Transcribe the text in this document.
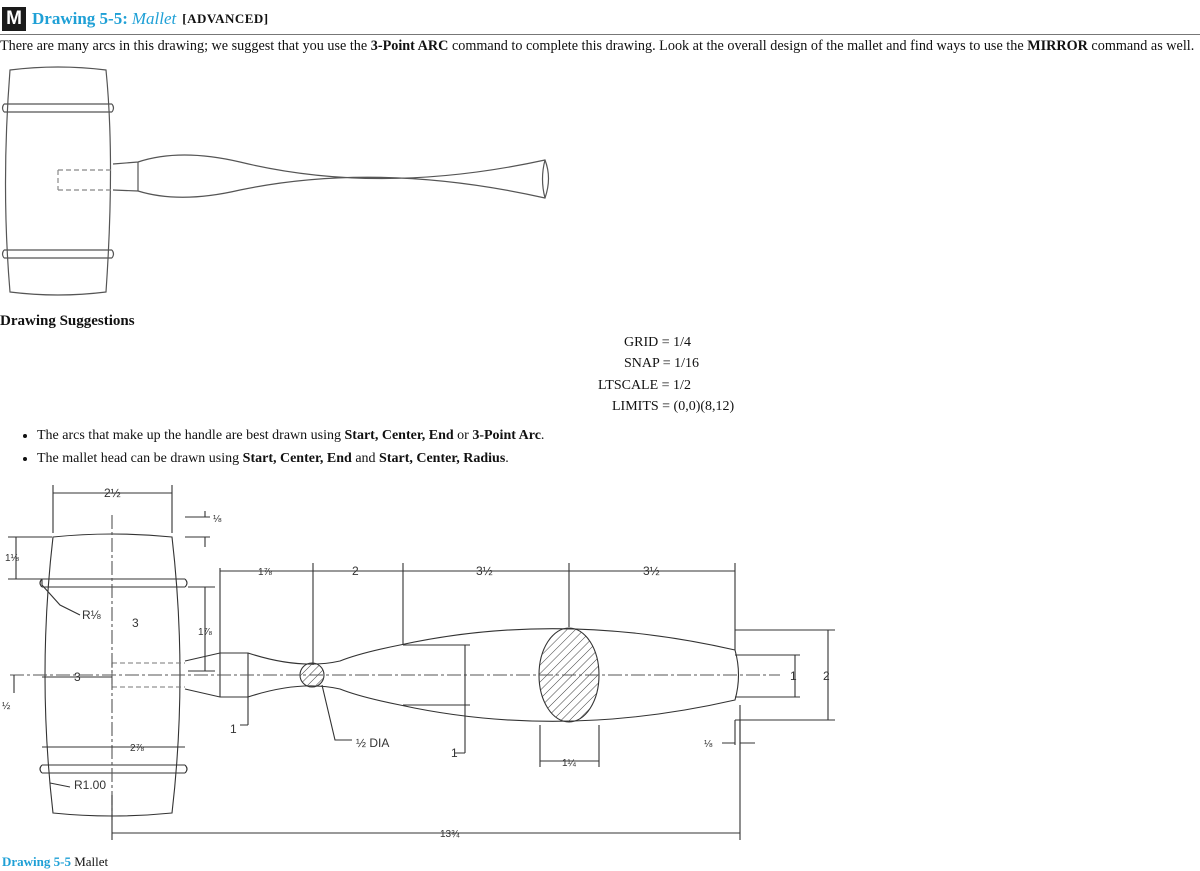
M Drawing 5-5: Mallet [ADVANCED]
There are many arcs in this drawing; we suggest that you use the 3-Point ARC command to complete this drawing. Look at the overall design of the mallet and find ways to use the MIRROR command as well.
Drawing Suggestions
GRID = 1/4
SNAP = 1/16
LTSCALE = 1/2
LIMITS = (0,0)(8,12)
• The arcs that make up the handle are best drawn using Start, Center, End or 3-Point Arc.
• The mallet head can be drawn using Start, Center, End and Start, Center, Radius.
2½
⅛
1⅛
R⅛
3
1⅞
1⅞	2	3½	3½
3
½
1
½ DIA
1
1¼
1 2
⅛
2⅞
R1.00
13¾
Drawing 5-5 Mallet
